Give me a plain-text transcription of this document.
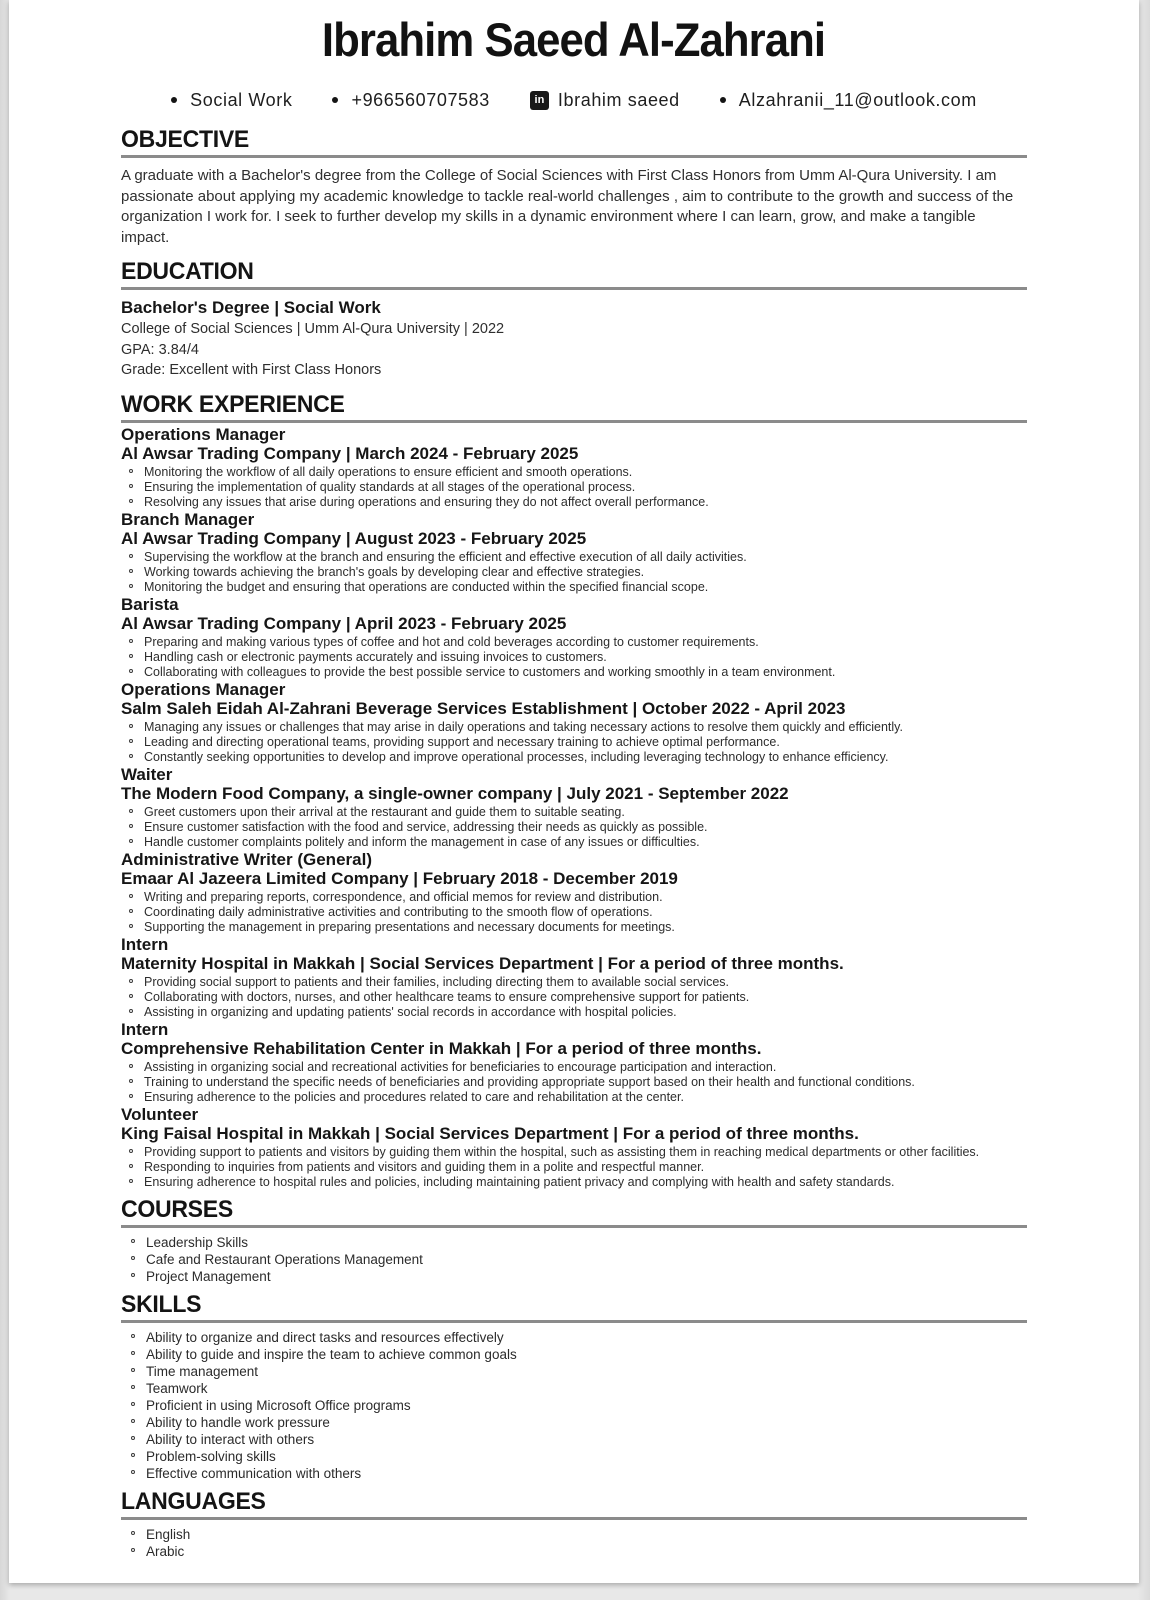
Ibrahim Saeed Al-Zahrani
Social Work	+966560707583	in Ibrahim saeed	Alzahranii_11@outlook.com
OBJECTIVE

A graduate with a Bachelor's degree from the College of Social Sciences with First Class Honors from Umm Al-Qura University. I am passionate about applying my academic knowledge to tackle real-world challenges , aim to contribute to the growth and success of the organization I work for. I seek to further develop my skills in a dynamic environment where I can learn, grow, and make a tangible impact.

EDUCATION
Bachelor's Degree | Social Work
College of Social Sciences | Umm Al-Qura University | 2022
GPA: 3.84/4
Grade: Excellent with First Class Honors
WORK EXPERIENCE
Operations Manager
Al Awsar Trading Company | March 2024 - February 2025
Monitoring the workflow of all daily operations to ensure efficient and smooth operations.
Ensuring the implementation of quality standards at all stages of the operational process.
Resolving any issues that arise during operations and ensuring they do not affect overall performance.
Branch Manager
Al Awsar Trading Company | August 2023 - February 2025
Supervising the workflow at the branch and ensuring the efficient and effective execution of all daily activities.
Working towards achieving the branch's goals by developing clear and effective strategies.
Monitoring the budget and ensuring that operations are conducted within the specified financial scope.
Barista
Al Awsar Trading Company | April 2023 - February 2025
Preparing and making various types of coffee and hot and cold beverages according to customer requirements.
Handling cash or electronic payments accurately and issuing invoices to customers.
Collaborating with colleagues to provide the best possible service to customers and working smoothly in a team environment.
Operations Manager
Salm Saleh Eidah Al-Zahrani Beverage Services Establishment | October 2022 - April 2023
Managing any issues or challenges that may arise in daily operations and taking necessary actions to resolve them quickly and efficiently.
Leading and directing operational teams, providing support and necessary training to achieve optimal performance.
Constantly seeking opportunities to develop and improve operational processes, including leveraging technology to enhance efficiency.
Waiter
The Modern Food Company, a single-owner company | July 2021 - September 2022
Greet customers upon their arrival at the restaurant and guide them to suitable seating.
Ensure customer satisfaction with the food and service, addressing their needs as quickly as possible.
Handle customer complaints politely and inform the management in case of any issues or difficulties.
Administrative Writer (General)
Emaar Al Jazeera Limited Company | February 2018 - December 2019
Writing and preparing reports, correspondence, and official memos for review and distribution.
Coordinating daily administrative activities and contributing to the smooth flow of operations.
Supporting the management in preparing presentations and necessary documents for meetings.
Intern
Maternity Hospital in Makkah | Social Services Department | For a period of three months.
Providing social support to patients and their families, including directing them to available social services.
Collaborating with doctors, nurses, and other healthcare teams to ensure comprehensive support for patients.
Assisting in organizing and updating patients' social records in accordance with hospital policies.
Intern
Comprehensive Rehabilitation Center in Makkah | For a period of three months.
Assisting in organizing social and recreational activities for beneficiaries to encourage participation and interaction.
Training to understand the specific needs of beneficiaries and providing appropriate support based on their health and functional conditions.
Ensuring adherence to the policies and procedures related to care and rehabilitation at the center.
Volunteer
King Faisal Hospital in Makkah | Social Services Department | For a period of three months.
Providing support to patients and visitors by guiding them within the hospital, such as assisting them in reaching medical departments or other facilities.
Responding to inquiries from patients and visitors and guiding them in a polite and respectful manner.
Ensuring adherence to hospital rules and policies, including maintaining patient privacy and complying with health and safety standards.
COURSES
Leadership Skills
Cafe and Restaurant Operations Management
Project Management
SKILLS
Ability to organize and direct tasks and resources effectively
Ability to guide and inspire the team to achieve common goals
Time management
Teamwork
Proficient in using Microsoft Office programs
Ability to handle work pressure
Ability to interact with others
Problem-solving skills
Effective communication with others
LANGUAGES
English
Arabic
